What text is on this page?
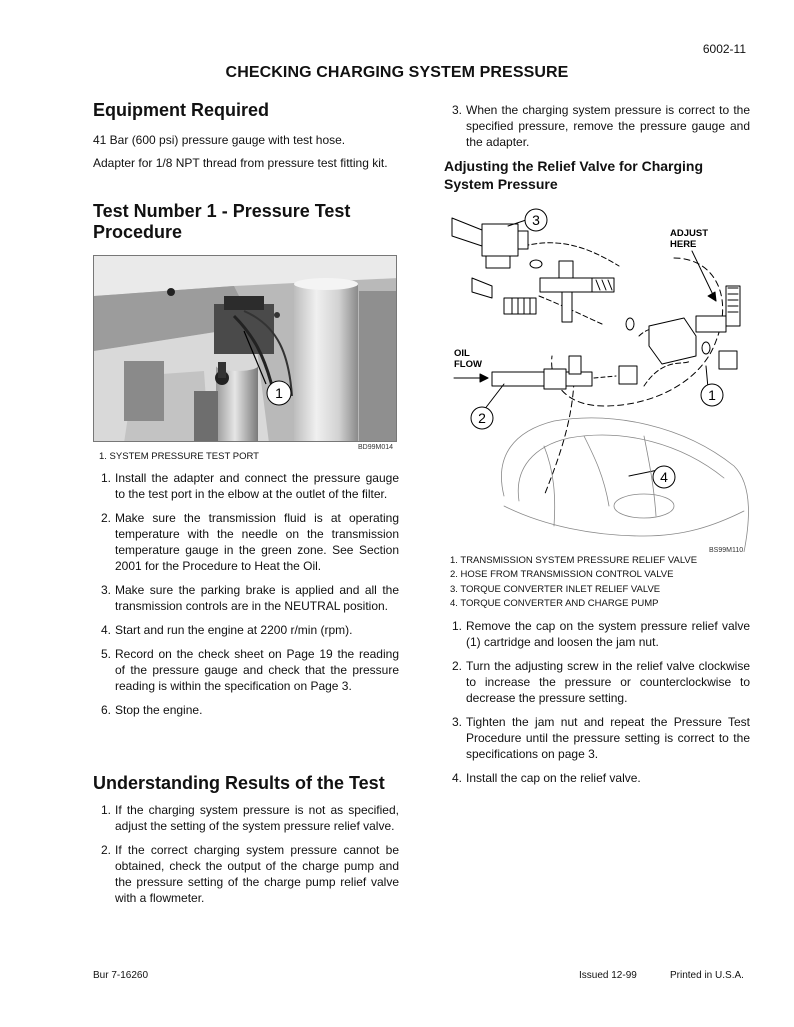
6002-11
CHECKING CHARGING SYSTEM PRESSURE
Equipment Required
41 Bar (600 psi) pressure gauge with test hose.
Adapter for 1/8 NPT thread from pressure test fitting kit.
Test Number 1 - Pressure Test Procedure
1
BD99M014
1. SYSTEM PRESSURE TEST PORT
1. Install the adapter and connect the pressure gauge to the test port in the elbow at the outlet of the filter.
2. Make sure the transmission fluid is at operating temperature with the needle on the transmission temperature gauge in the green zone. See Section 2001 for the Procedure to Heat the Oil.
3. Make sure the parking brake is applied and all the transmission controls are in the NEUTRAL position.
4. Start and run the engine at 2200 r/min (rpm).
5. Record on the check sheet on Page 19 the reading of the pressure gauge and check that the pressure reading is within the specification on Page 3.
6. Stop the engine.
Understanding Results of the Test
1. If the charging system pressure is not as specified, adjust the setting of the system pressure relief valve.
2. If the correct charging system pressure cannot be obtained, check the output of the charge pump and the pressure setting of the charge pump relief valve with a flowmeter.
3. When the charging system pressure is correct to the specified pressure, remove the pressure gauge and the adapter.
Adjusting the Relief Valve for Charging System Pressure
3
1
2
4
ADJUST
HERE
OIL
FLOW
BS99M110
1. TRANSMISSION SYSTEM PRESSURE RELIEF VALVE
2. HOSE FROM TRANSMISSION CONTROL VALVE
3. TORQUE CONVERTER INLET RELIEF VALVE
4. TORQUE CONVERTER AND CHARGE PUMP
1. Remove the cap on the system pressure relief valve (1) cartridge and loosen the jam nut.
2. Turn the adjusting screw in the relief valve clockwise to increase the pressure or counterclockwise to decrease the pressure setting.
3. Tighten the jam nut and repeat the Pressure Test Procedure until the pressure setting is correct to the specifications on page 3.
4. Install the cap on the relief valve.
Bur 7-16260	Issued 12-99	Printed in U.S.A.
